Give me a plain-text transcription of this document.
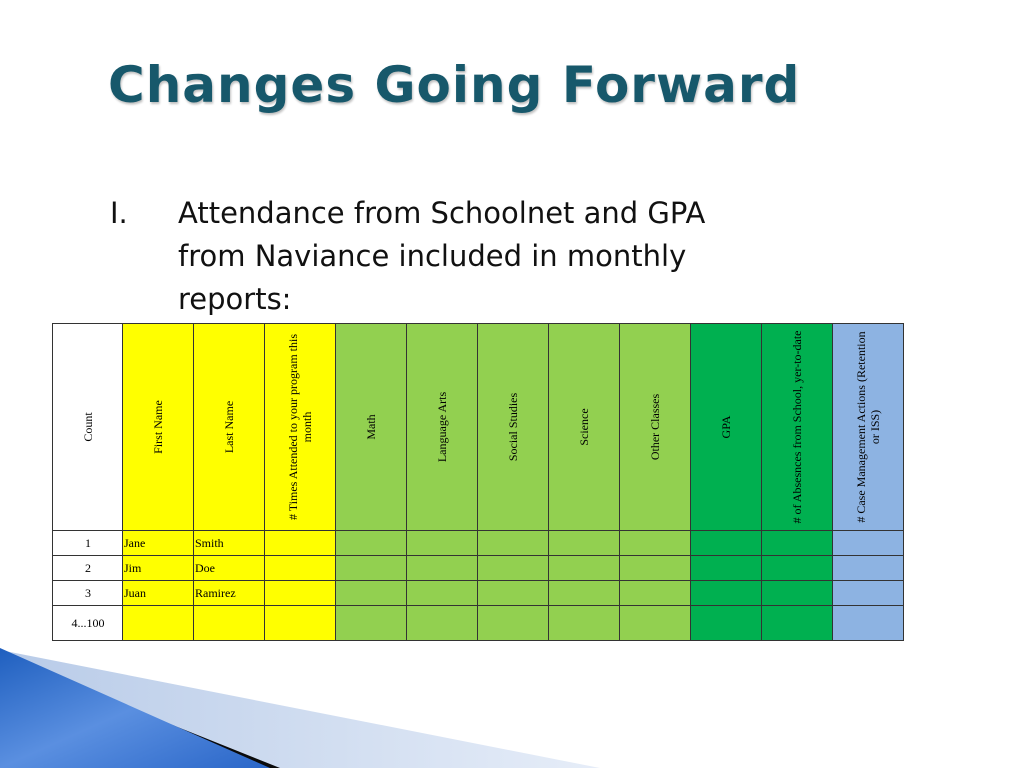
Changes Going Forward
I. Attendance from Schoolnet and GPA from Naviance included in monthly reports:
Count	First Name	Last Name	# Times Attended to your program this month	Math	Language Arts	Social Studies	Science	Other Classes	GPA	# of Absesnces from School, yer-to-date	# Case Management Actions (Retention or ISS)

1	Jane	Smith									
2	Jim	Doe									
3	Juan	Ramirez									
4...100											
